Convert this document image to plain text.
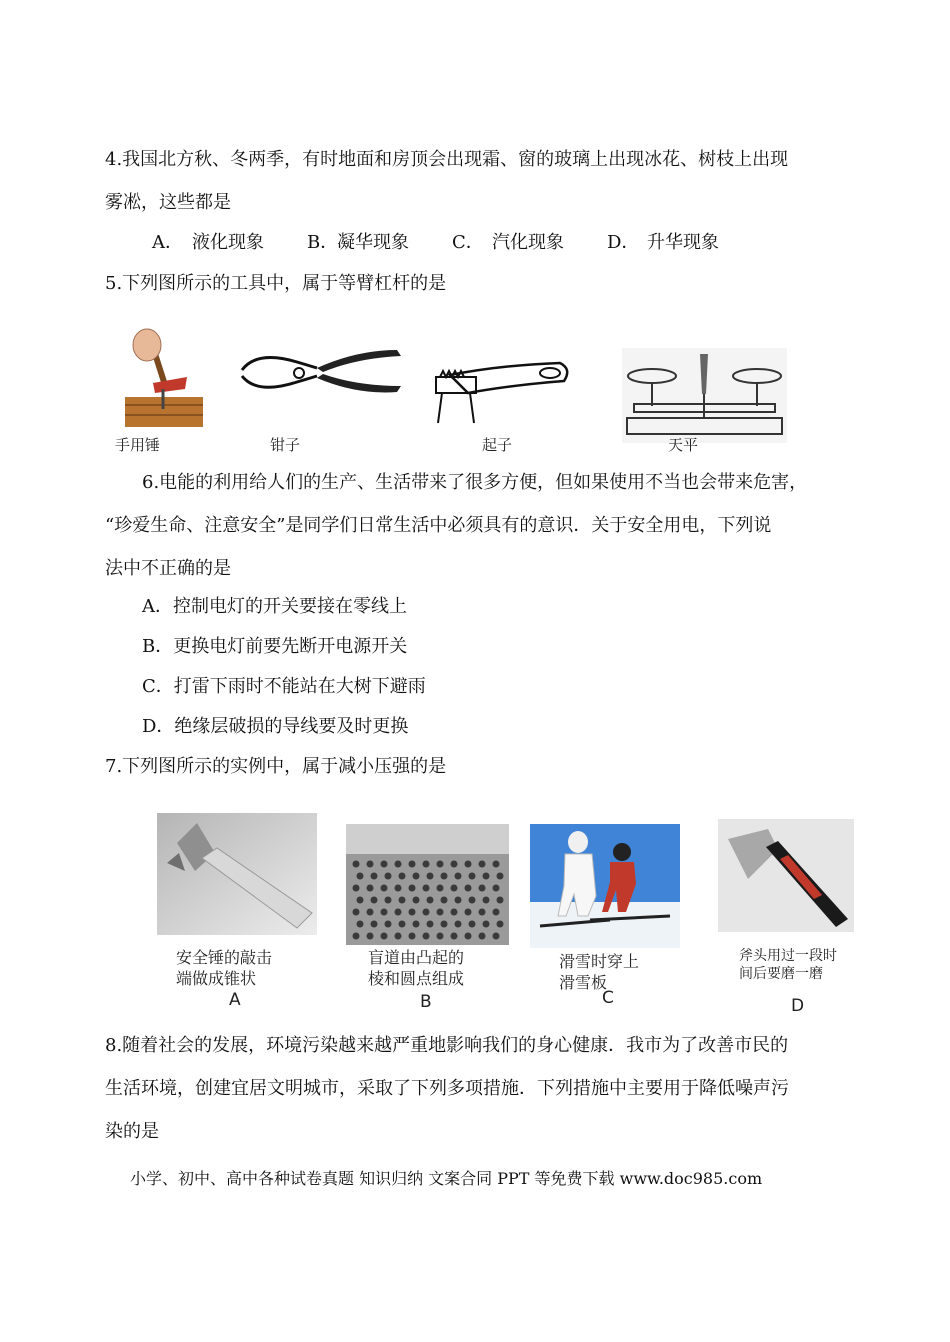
4.我国北方秋、冬两季，有时地面和房顶会出现霜、窗的玻璃上出现冰花、树枝上出现
雾凇，这些都是
A． 液化现象 B．
凝华现象 C． 汽化现象 D． 升华现象
5.下列图所示的工具中，属于等臂杠杆的是
手用锤	钳子	起子	天平
6.电能的利用给人们的生产、生活带来了很多方便，但如果使用不当也会带来危害，
“珍爱生命、注意安全”是同学们日常生活中必须具有的意识．关于安全用电，下列说
法中不正确的是
A．控制电灯的开关要接在零线上
B．更换电灯前要先断开电源开关
C．打雷下雨时不能站在大树下避雨
D．绝缘层破损的导线要及时更换
7.下列图所示的实例中，属于减小压强的是
安全锤的敲击
端做成锥状
A
盲道由凸起的
棱和圆点组成
B
滑雪时穿上
滑雪板
C
斧头用过一段时
间后要磨一磨
D
8.随着社会的发展，环境污染越来越严重地影响我们的身心健康．我市为了改善市民的
生活环境，创建宜居文明城市，采取了下列多项措施．下列措施中主要用于降低噪声污
染的是
小学、初中、高中各种试卷真题 知识归纳 文案合同 PPT 等免费下载 www.doc985.com
